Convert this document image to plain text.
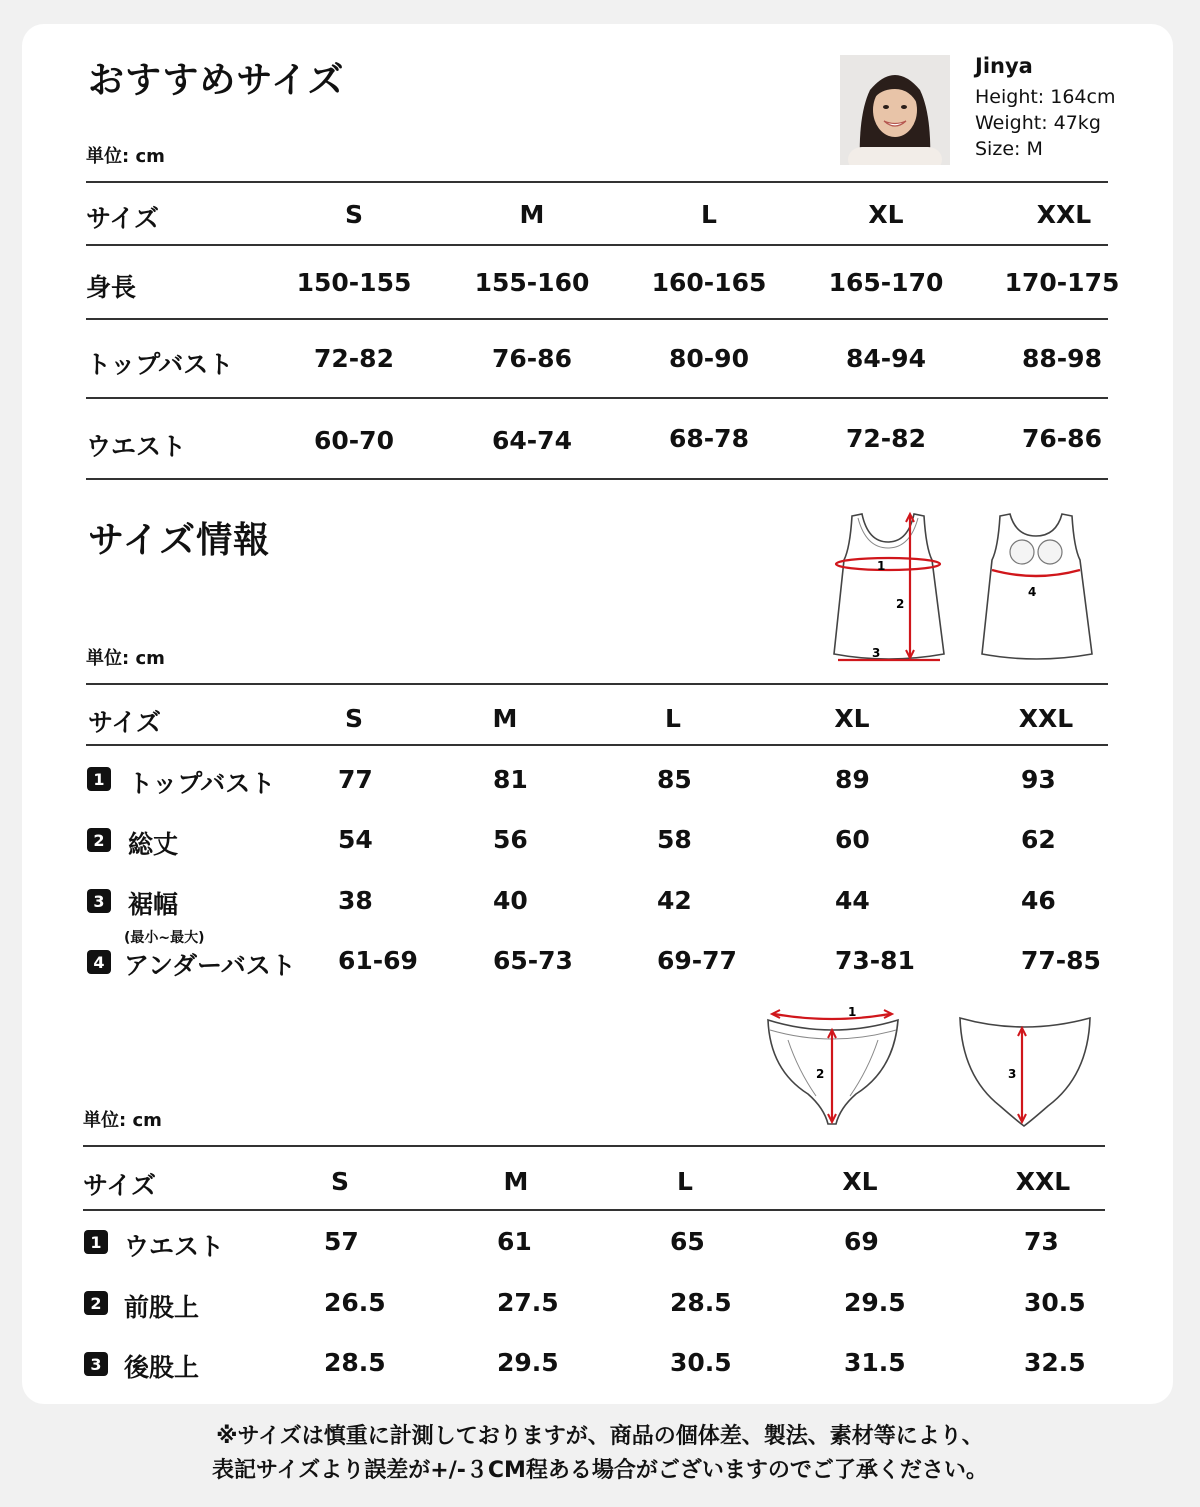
おすすめサイズ
単位: cm
Jinya
Height: 164cm
Weight: 47kg
Size: M
サイズ	S	M	L	XL	XXL
身長	150-155	155-160 160-165 165-170 170-175
トップバスト	72-82	76-86	80-90	84-94	88-98
ウエスト	60-70	64-74	68-78	72-82	76-86
サイズ情報
単位: cm
1
2
3
4
サイズ	S	M	L	XL	XXL
1 トップバスト	77	81	85	89	93
2 総丈	54	56	58	60	62
3 裾幅	38	40	42	44	46
(最小~最大)
4 アンダーバスト 61-69	65-73	69-77	73-81	77-85
1
2	3
単位: cm
サイズ	S	M	L	XL	XXL
1 ウエスト	57	61	65	69	73
2 前股上	26.5	27.5	28.5	29.5	30.5
3 後股上	28.5	29.5	30.5	31.5	32.5
※サイズは慎重に計測しておりますが、商品の個体差、製法、素材等により、
表記サイズより誤差が+/-３CM程ある場合がございますのでご了承ください。
